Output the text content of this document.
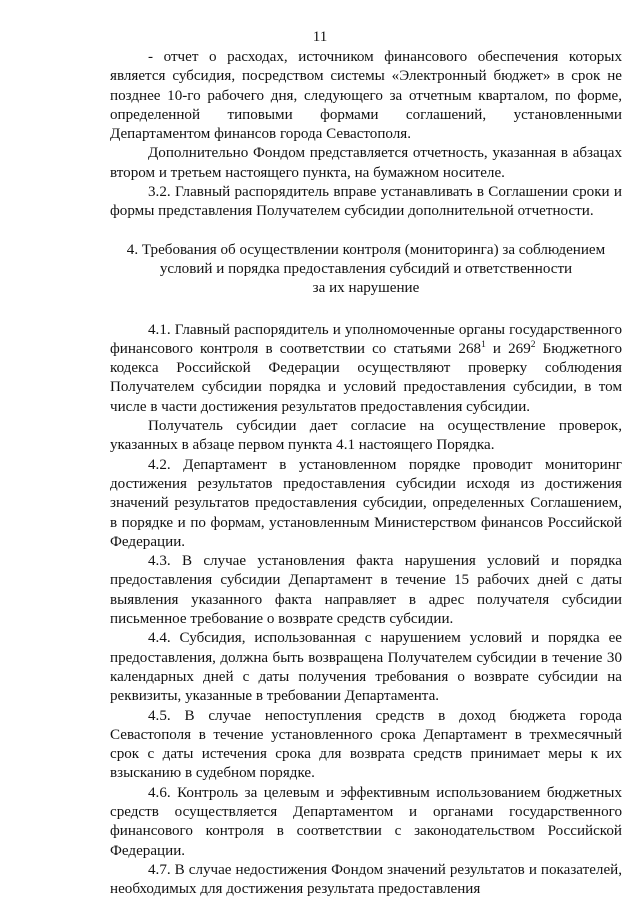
11

- отчет о расходах, источником финансового обеспечения которых является субсидия, посредством системы «Электронный бюджет» в срок не позднее 10-го рабочего дня, следующего за отчетным кварталом, по форме, определенной типовыми формами соглашений, установленными Департаментом финансов города Севастополя.

Дополнительно Фондом представляется отчетность, указанная в абзацах втором и третьем настоящего пункта, на бумажном носителе.

3.2. Главный распорядитель вправе устанавливать в Соглашении сроки и формы представления Получателем субсидии дополнительной отчетности.

4. Требования об осуществлении контроля (мониторинга) за соблюдением
условий и порядка предоставления субсидий и ответственности
за их нарушение

4.1. Главный распорядитель и уполномоченные органы государственного финансового контроля в соответствии со статьями $268^1$ и $269^2$ Бюджетного кодекса Российской Федерации осуществляют проверку соблюдения Получателем субсидии порядка и условий предоставления субсидии, в том числе в части достижения результатов предоставления субсидии.

Получатель субсидии дает согласие на осуществление проверок, указанных в абзаце первом пункта 4.1 настоящего Порядка.

4.2. Департамент в установленном порядке проводит мониторинг достижения результатов предоставления субсидии исходя из достижения значений результатов предоставления субсидии, определенных Соглашением, в порядке и по формам, установленным Министерством финансов Российской Федерации.

4.3. В случае установления факта нарушения условий и порядка предоставления субсидии Департамент в течение 15 рабочих дней с даты выявления указанного факта направляет в адрес получателя субсидии письменное требование о возврате средств субсидии.

4.4. Субсидия, использованная с нарушением условий и порядка ее предоставления, должна быть возвращена Получателем субсидии в течение 30 календарных дней с даты получения требования о возврате субсидии на реквизиты, указанные в требовании Департамента.

4.5. В случае непоступления средств в доход бюджета города Севастополя в течение установленного срока Департамент в трехмесячный срок с даты истечения срока для возврата средств принимает меры к их взысканию в судебном порядке.

4.6. Контроль за целевым и эффективным использованием бюджетных средств осуществляется Департаментом и органами государственного финансового контроля в соответствии с законодательством Российской Федерации.

4.7. В случае недостижения Фондом значений результатов и показателей, необходимых для достижения результата предоставления
